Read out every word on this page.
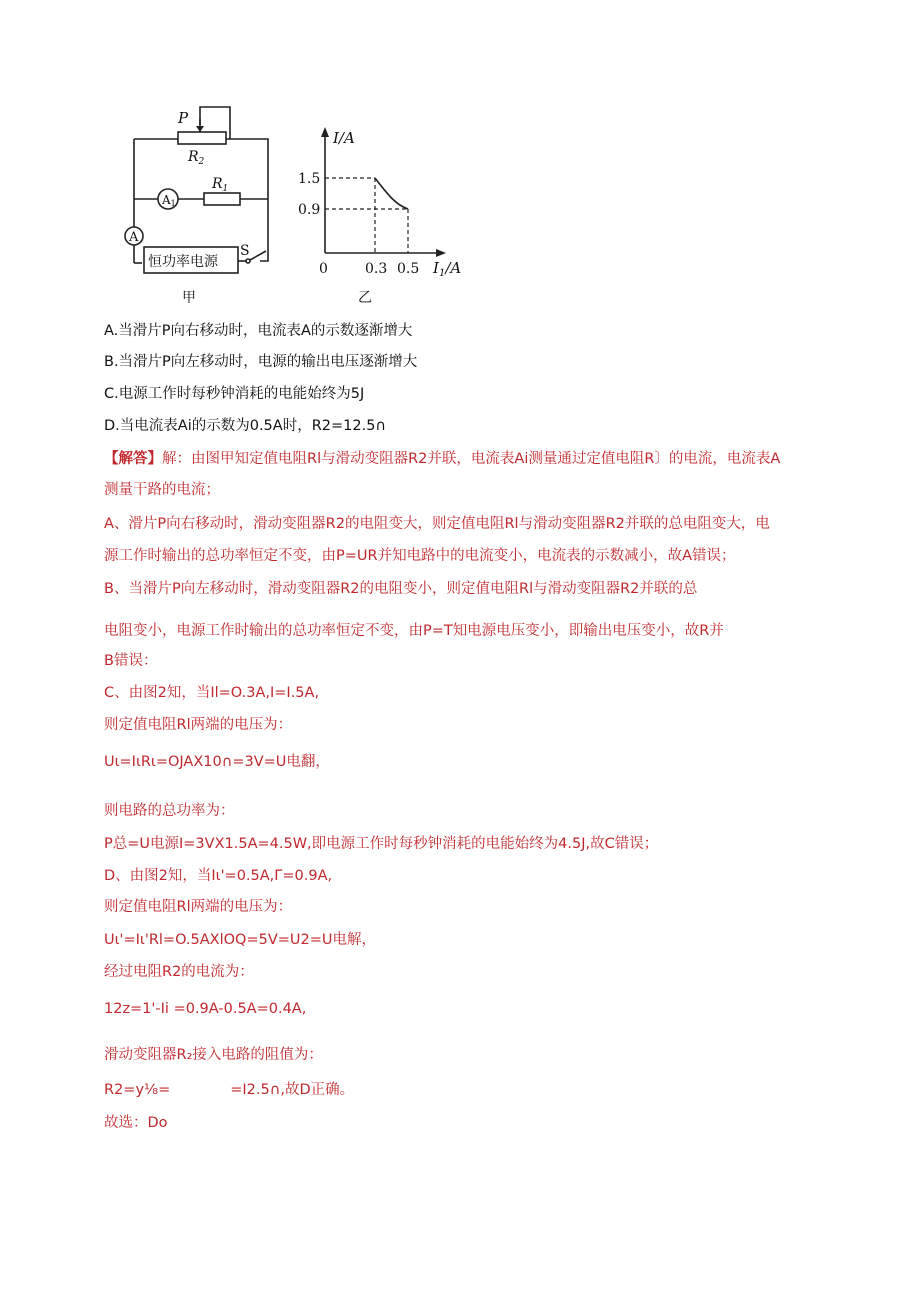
P
$R_2$
$R_1$
A1
A
恒功率电源
S
甲
I/A
1.5
0.9
0	0.3 0.5 $I_1/A$
乙
A.当滑片P向右移动时，电流表A的示数逐渐增大
B.当滑片P向左移动时，电源的输出电压逐渐增大
C.电源工作时每秒钟消耗的电能始终为5J
D.当电流表Ai的示数为0.5A时，R2=12.5∩
【解答】解：由图甲知定值电阻Rl与滑动变阻器R2并联，电流表Ai测量通过定值电阻R〕的电流，电流表A
测量干路的电流；
A、滑片P向右移动时，滑动变阻器R2的电阻变大，则定值电阻Rl与滑动变阻器R2并联的总电阻变大，电
源工作时输出的总功率恒定不变，由P=UR并知电路中的电流变小，电流表的示数减小，故A错误；
B、当滑片P向左移动时，滑动变阻器R2的电阻变小，则定值电阻Rl与滑动变阻器R2并联的总
电阻变小，电源工作时输出的总功率恒定不变，由P=T知电源电压变小，即输出电压变小，故R并
B错误：
C、由图2知，当Il=O.3A,I=I.5A,
则定值电阻Rl两端的电压为：
Uι=IιRι=OJAX10∩=3V=U电翻，
则电路的总功率为：
P总=U电源I=3VX1.5A=4.5W,即电源工作时每秒钟消耗的电能始终为4.5J,故C错误；
D、由图2知，当Iι'=0.5A,Γ=0.9A,
则定值电阻Rl两端的电压为：
Uι'=Iι'Rl=O.5AXlOQ=5V=U2=U电解，
经过电阻R2的电流为：
12z=1'-Ii =0.9A-0.5A=0.4A,
滑动变阻器R₂接入电路的阻值为：
R2=y⅛=	=I2.5∩,故D正确。
故选：Do
